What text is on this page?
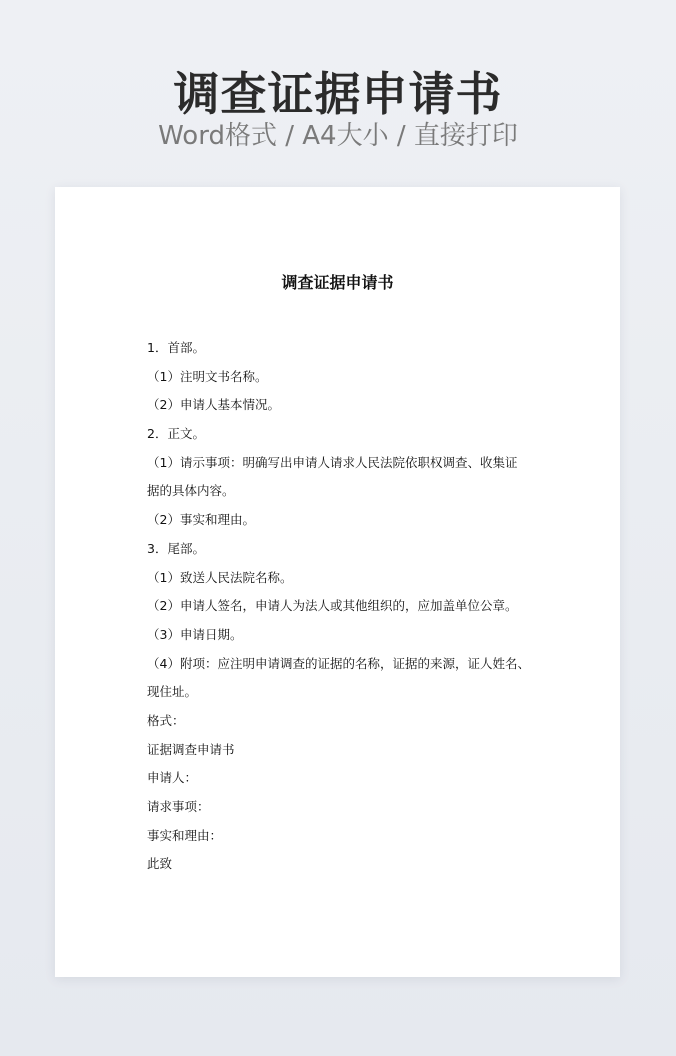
调查证据申请书
Word格式 / A4大小 / 直接打印
调查证据申请书
1．首部。
（1）注明文书名称。
（2）申请人基本情况。
2．正文。
（1）请示事项：明确写出申请人请求人民法院依职权调查、收集证
据的具体内容。
（2）事实和理由。
3．尾部。
（1）致送人民法院名称。
（2）申请人签名，申请人为法人或其他组织的，应加盖单位公章。
（3）申请日期。
（4）附项：应注明申请调查的证据的名称，证据的来源，证人姓名、
现住址。
格式：
证据调查申请书
申请人：
请求事项：
事实和理由：
此致
